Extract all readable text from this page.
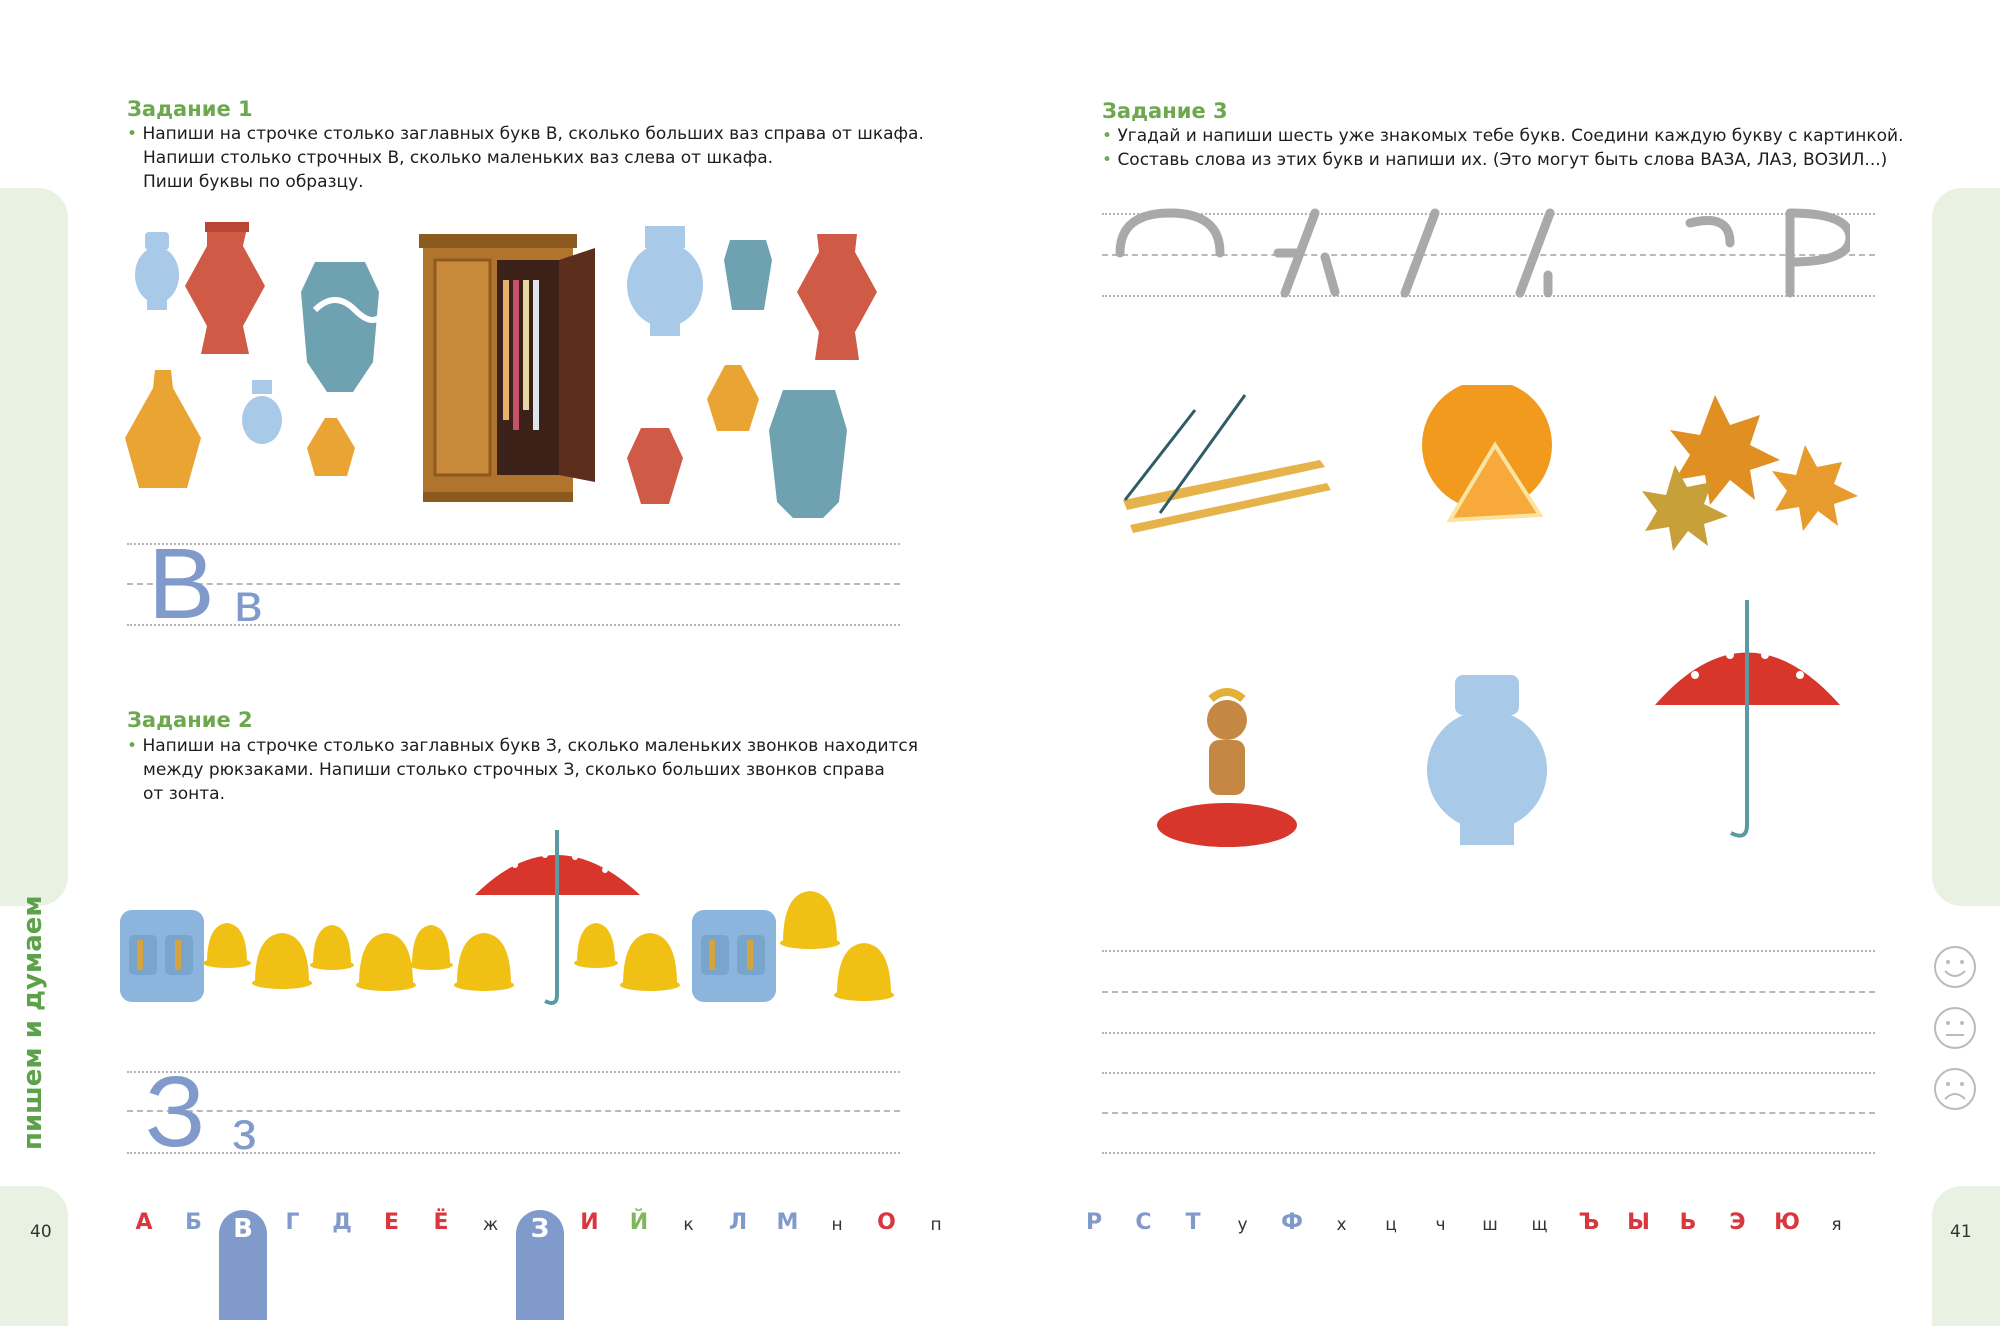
пишем и думаем
40	41
Задание 1
• Напиши на строчке столько заглавных букв В, сколько больших ваз справа от шкафа.
Напиши столько строчных В, сколько маленьких ваз слева от шкафа.
Пиши буквы по образцу.
В в
Задание 2
• Напиши на строчке столько заглавных букв З, сколько маленьких звонков находится
между рюкзаками. Напиши столько строчных З, сколько больших звонков справа
от зонта.
З з
Задание 3
• Угадай и напиши шесть уже знакомых тебе букв. Соедини каждую букву с картинкой.
• Составь слова из этих букв и напиши их. (Это могут быть слова ВАЗА, ЛАЗ, ВОЗИЛ...)
А	Б	В	Г	Д	Е	Ё	ж	З	И	Й	к	Л	М	н	О	п	Р	С	Т	у	Ф	х	ц	ч	ш	щ	Ъ	Ы	Ь	Э	Ю	я
